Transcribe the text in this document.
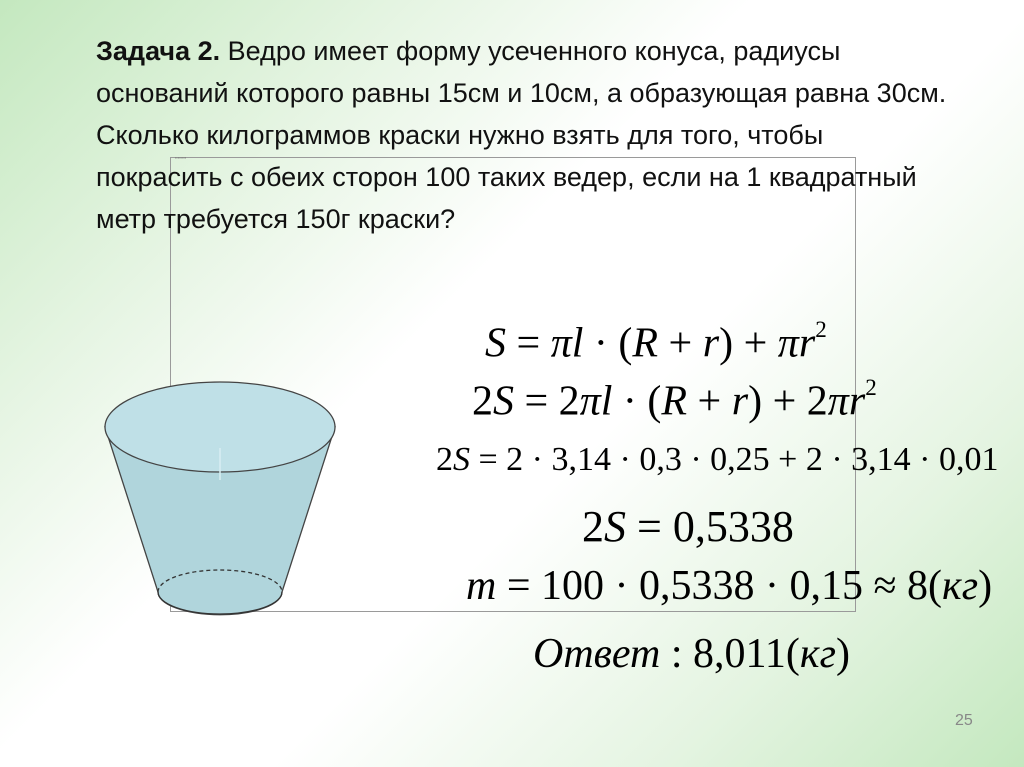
▪▪▪▪▪▪▪▪

Задача 2. Ведро имеет форму усеченного конуса, радиусы оснований которого равны 15см и 10см, а образующая равна 30см. Сколько килограммов краски нужно взять для того, чтобы покрасить с обеих сторон 100 таких ведер, если на 1 квадратный метр требуется 150г краски?

$S = \pi l \cdot (R + r) + \pi r^2$
$2S = 2\pi l \cdot (R + r) + 2\pi r^2$
2S = 2 · 3,14 · 0,3 · 0,25 + 2 · 3,14 · 0,01
2S = 0,5338
m = 100 · 0,5338 · 0,15 ≈ 8(кг)
Ответ : 8,011(кг)
25
